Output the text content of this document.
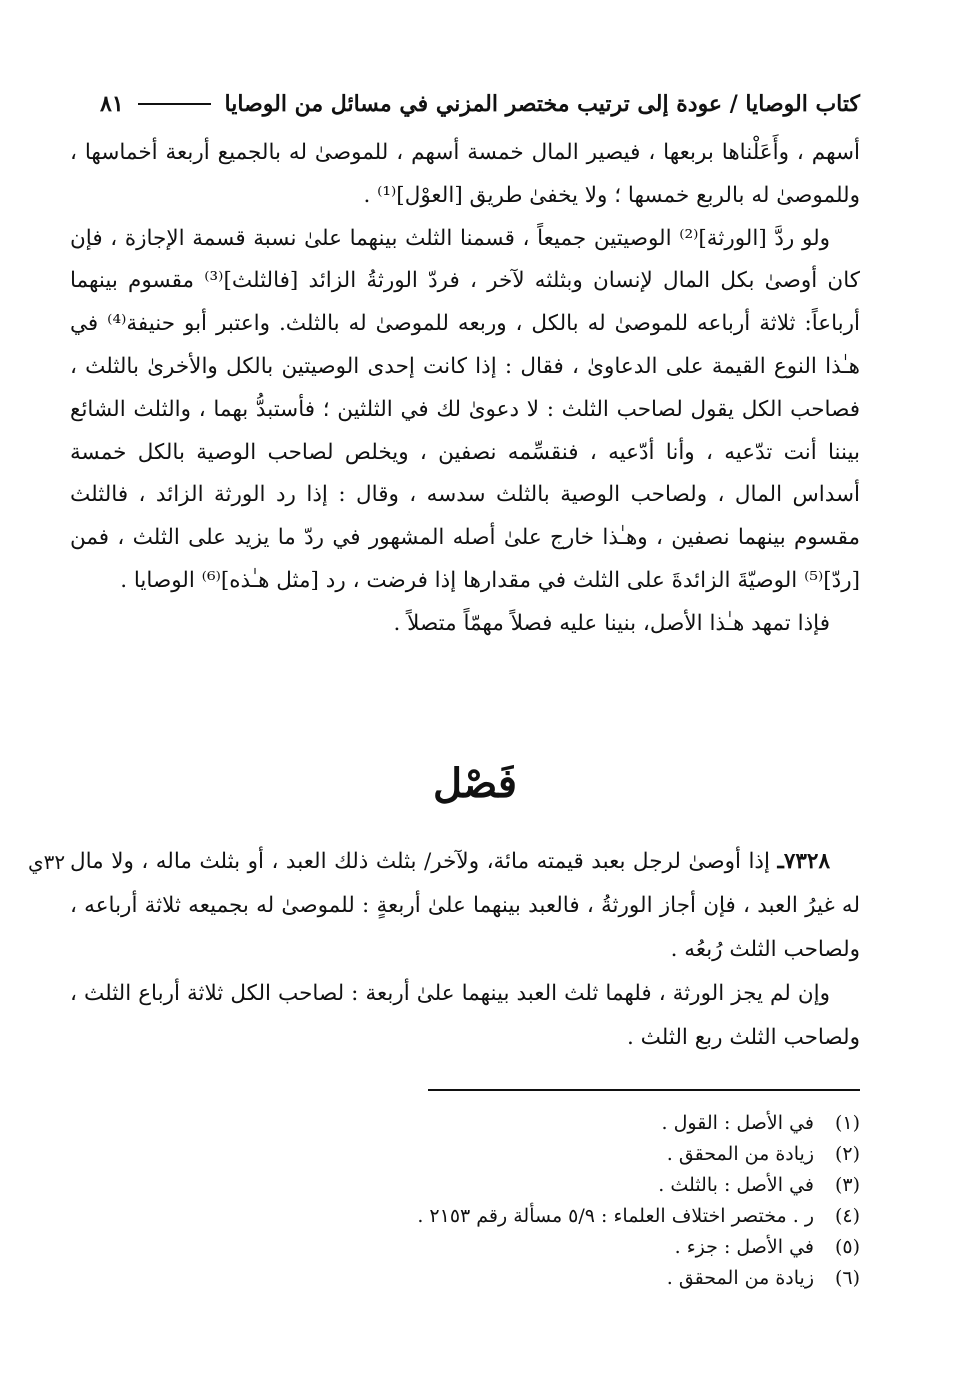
كتاب الوصايا / عودة إلى ترتيب مختصر المزني في مسائل من الوصايا
٨١

أسهم ، وأَعَلْناها بربعها ، فيصير المال خمسة أسهم ، للموصىٰ له بالجميع أربعة أخماسها ، وللموصىٰ له بالربع خمسها ؛ ولا يخفىٰ طريق [العوْل]⁽¹⁾ .

ولو ردَّ [الورثة]⁽²⁾ الوصيتين جميعاً ، قسمنا الثلث بينهما علىٰ نسبة قسمة الإجازة ، فإن كان أوصىٰ بكل المال لإنسان وبثلثه لآخر ، فردّ الورثةُ الزائد [فالثلث]⁽³⁾ مقسوم بينهما أرباعاً: ثلاثة أرباعه للموصىٰ له بالكل ، وربعه للموصىٰ له بالثلث. واعتبر أبو حنيفة⁽⁴⁾ في هـٰذا النوع القيمة على الدعاوىٰ ، فقال : إذا كانت إحدى الوصيتين بالكل والأخرىٰ بالثلث ، فصاحب الكل يقول لصاحب الثلث : لا دعوىٰ لك في الثلثين ؛ فأستبدُّ بهما ، والثلث الشائع بيننا أنت تدّعيه ، وأنا أدّعيه ، فنقسِّمه نصفين ، ويخلص لصاحب الوصية بالكل خمسة أسداس المال ، ولصاحب الوصية بالثلث سدسه ، وقال : إذا رد الورثة الزائد ، فالثلث مقسوم بينهما نصفين ، وهـٰذا خارج علىٰ أصله المشهور في ردّ ما يزيد على الثلث ، فمن [ردّ]⁽⁵⁾ الوصيّةَ الزائدةَ على الثلث في مقدارها إذا فرضت ، رد [مثل هـٰذه]⁽⁶⁾ الوصايا .

فإذا تمهد هـٰذا الأصل، بنينا عليه فصلاً مهمّاً متصلاً .

فَصْل
٣٢ي	٧٣٢٨ـ إذا أوصىٰ لرجل بعبد قيمته مائة، ولآخر/ بثلث ذلك العبد ، أو بثلث ماله ، ولا مال له غيرُ العبد ، فإن أجاز الورثةُ ، فالعبد بينهما علىٰ أربعةٍ : للموصىٰ له بجميعه ثلاثة أرباعه ، ولصاحب الثلث رُبعُه .

وإن لم يجز الورثة ، فلهما ثلث العبد بينهما علىٰ أربعة : لصاحب الكل ثلاثة أرباع الثلث ، ولصاحب الثلث ربع الثلث .

(١)
في الأصل : القول .
(٢)
زيادة من المحقق .
(٣)
في الأصل : بالثلث .
(٤)
ر . مختصر اختلاف العلماء : ٥/٩ مسألة رقم ٢١٥٣ .
(٥)
في الأصل : جزء .
(٦)
زيادة من المحقق .
